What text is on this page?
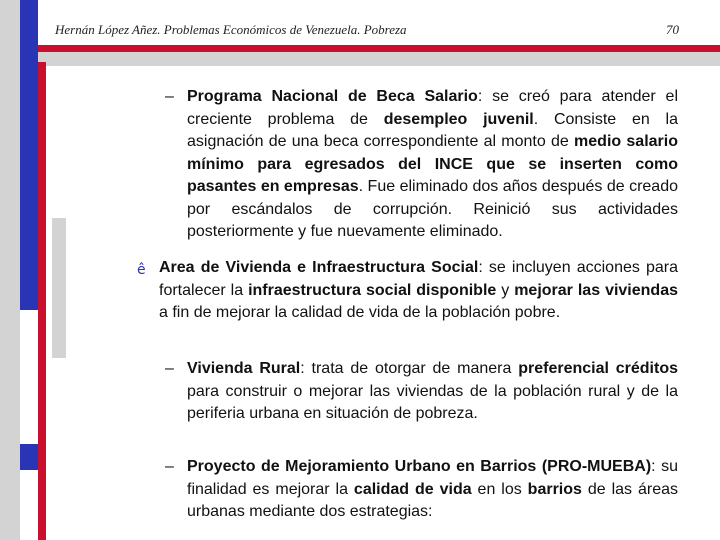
Hernán López Añez. Problemas Económicos de Venezuela. Pobreza	70
– Programa Nacional de Beca Salario: se creó para atender el creciente problema de desempleo juvenil. Consiste en la asignación de una beca correspondiente al monto de medio salario mínimo para egresados del INCE que se inserten como pasantes en empresas. Fue eliminado dos años después de creado por escándalos de corrupción. Reinició sus actividades posteriormente y fue nuevamente eliminado.
ê Area de Vivienda e Infraestructura Social: se incluyen acciones para fortalecer la infraestructura social disponible y mejorar las viviendas a fin de mejorar la calidad de vida de la población pobre.
– Vivienda Rural: trata de otorgar de manera preferencial créditos para construir o mejorar las viviendas de la población rural y de la periferia urbana en situación de pobreza.
– Proyecto de Mejoramiento Urbano en Barrios (PRO-MUEBA): su finalidad es mejorar la calidad de vida en los barrios de las áreas urbanas mediante dos estrategias:
